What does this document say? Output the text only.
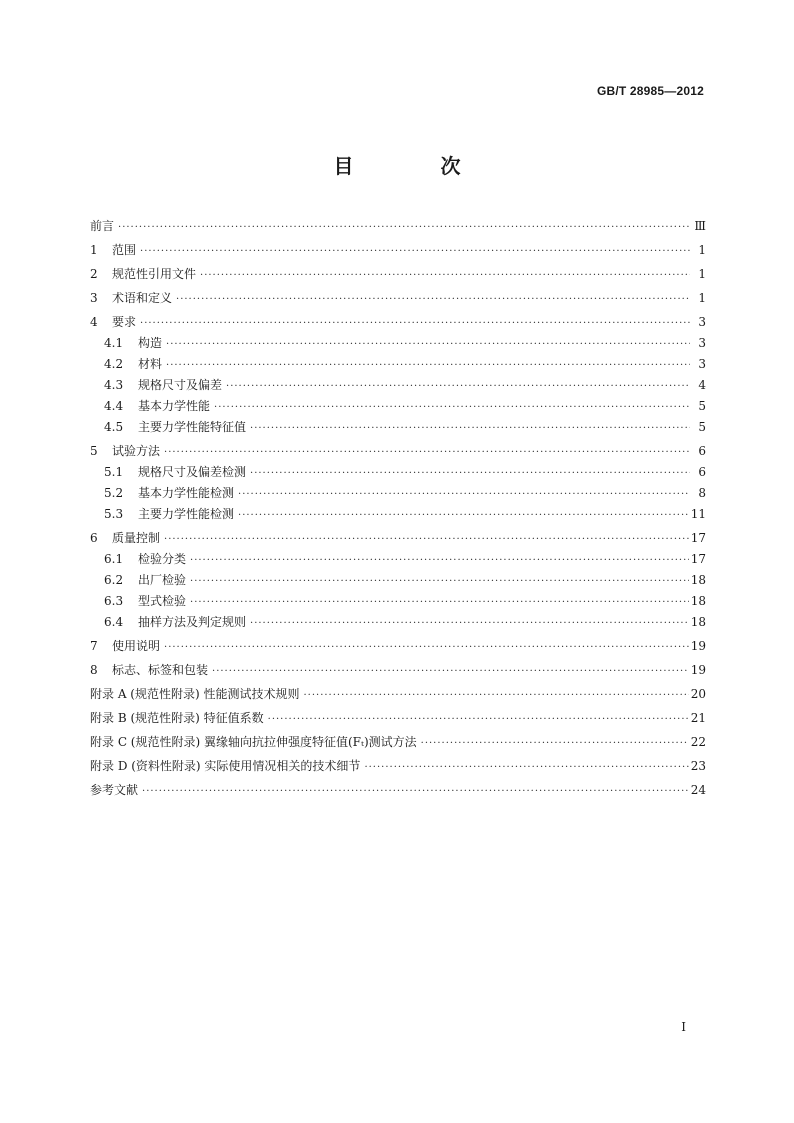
GB/T 28985—2012
目 次
前言 ·····	Ⅲ
1	范围 ·····	1
2	规范性引用文件 ·····	1
3	术语和定义 ·····	1
4	要求 ·····	3
4.1	构造 ·····	3
4.2	材料 ·····	3
4.3	规格尺寸及偏差 ·····	4
4.4	基本力学性能 ·····	5
4.5	主要力学性能特征值 ·····	5
5	试验方法 ·····	6
5.1	规格尺寸及偏差检测 ·····	6
5.2	基本力学性能检测 ·····	8
5.3	主要力学性能检测 ·····	11
6	质量控制 ·····	17
6.1	检验分类 ·····	17
6.2	出厂检验 ·····	18
6.3	型式检验 ·····	18
6.4	抽样方法及判定规则 ·····	18
7	使用说明 ·····	19
8	标志、标签和包装 ·····	19
附录 A (规范性附录) 性能测试技术规则 ·····	20
附录 B (规范性附录) 特征值系数 ·····	21
附录 C (规范性附录) 翼缘轴向抗拉伸强度特征值(Fₜ)测试方法 ·····	22
附录 D (资料性附录) 实际使用情况相关的技术细节 ·····	23
参考文献 ·····	24
I
